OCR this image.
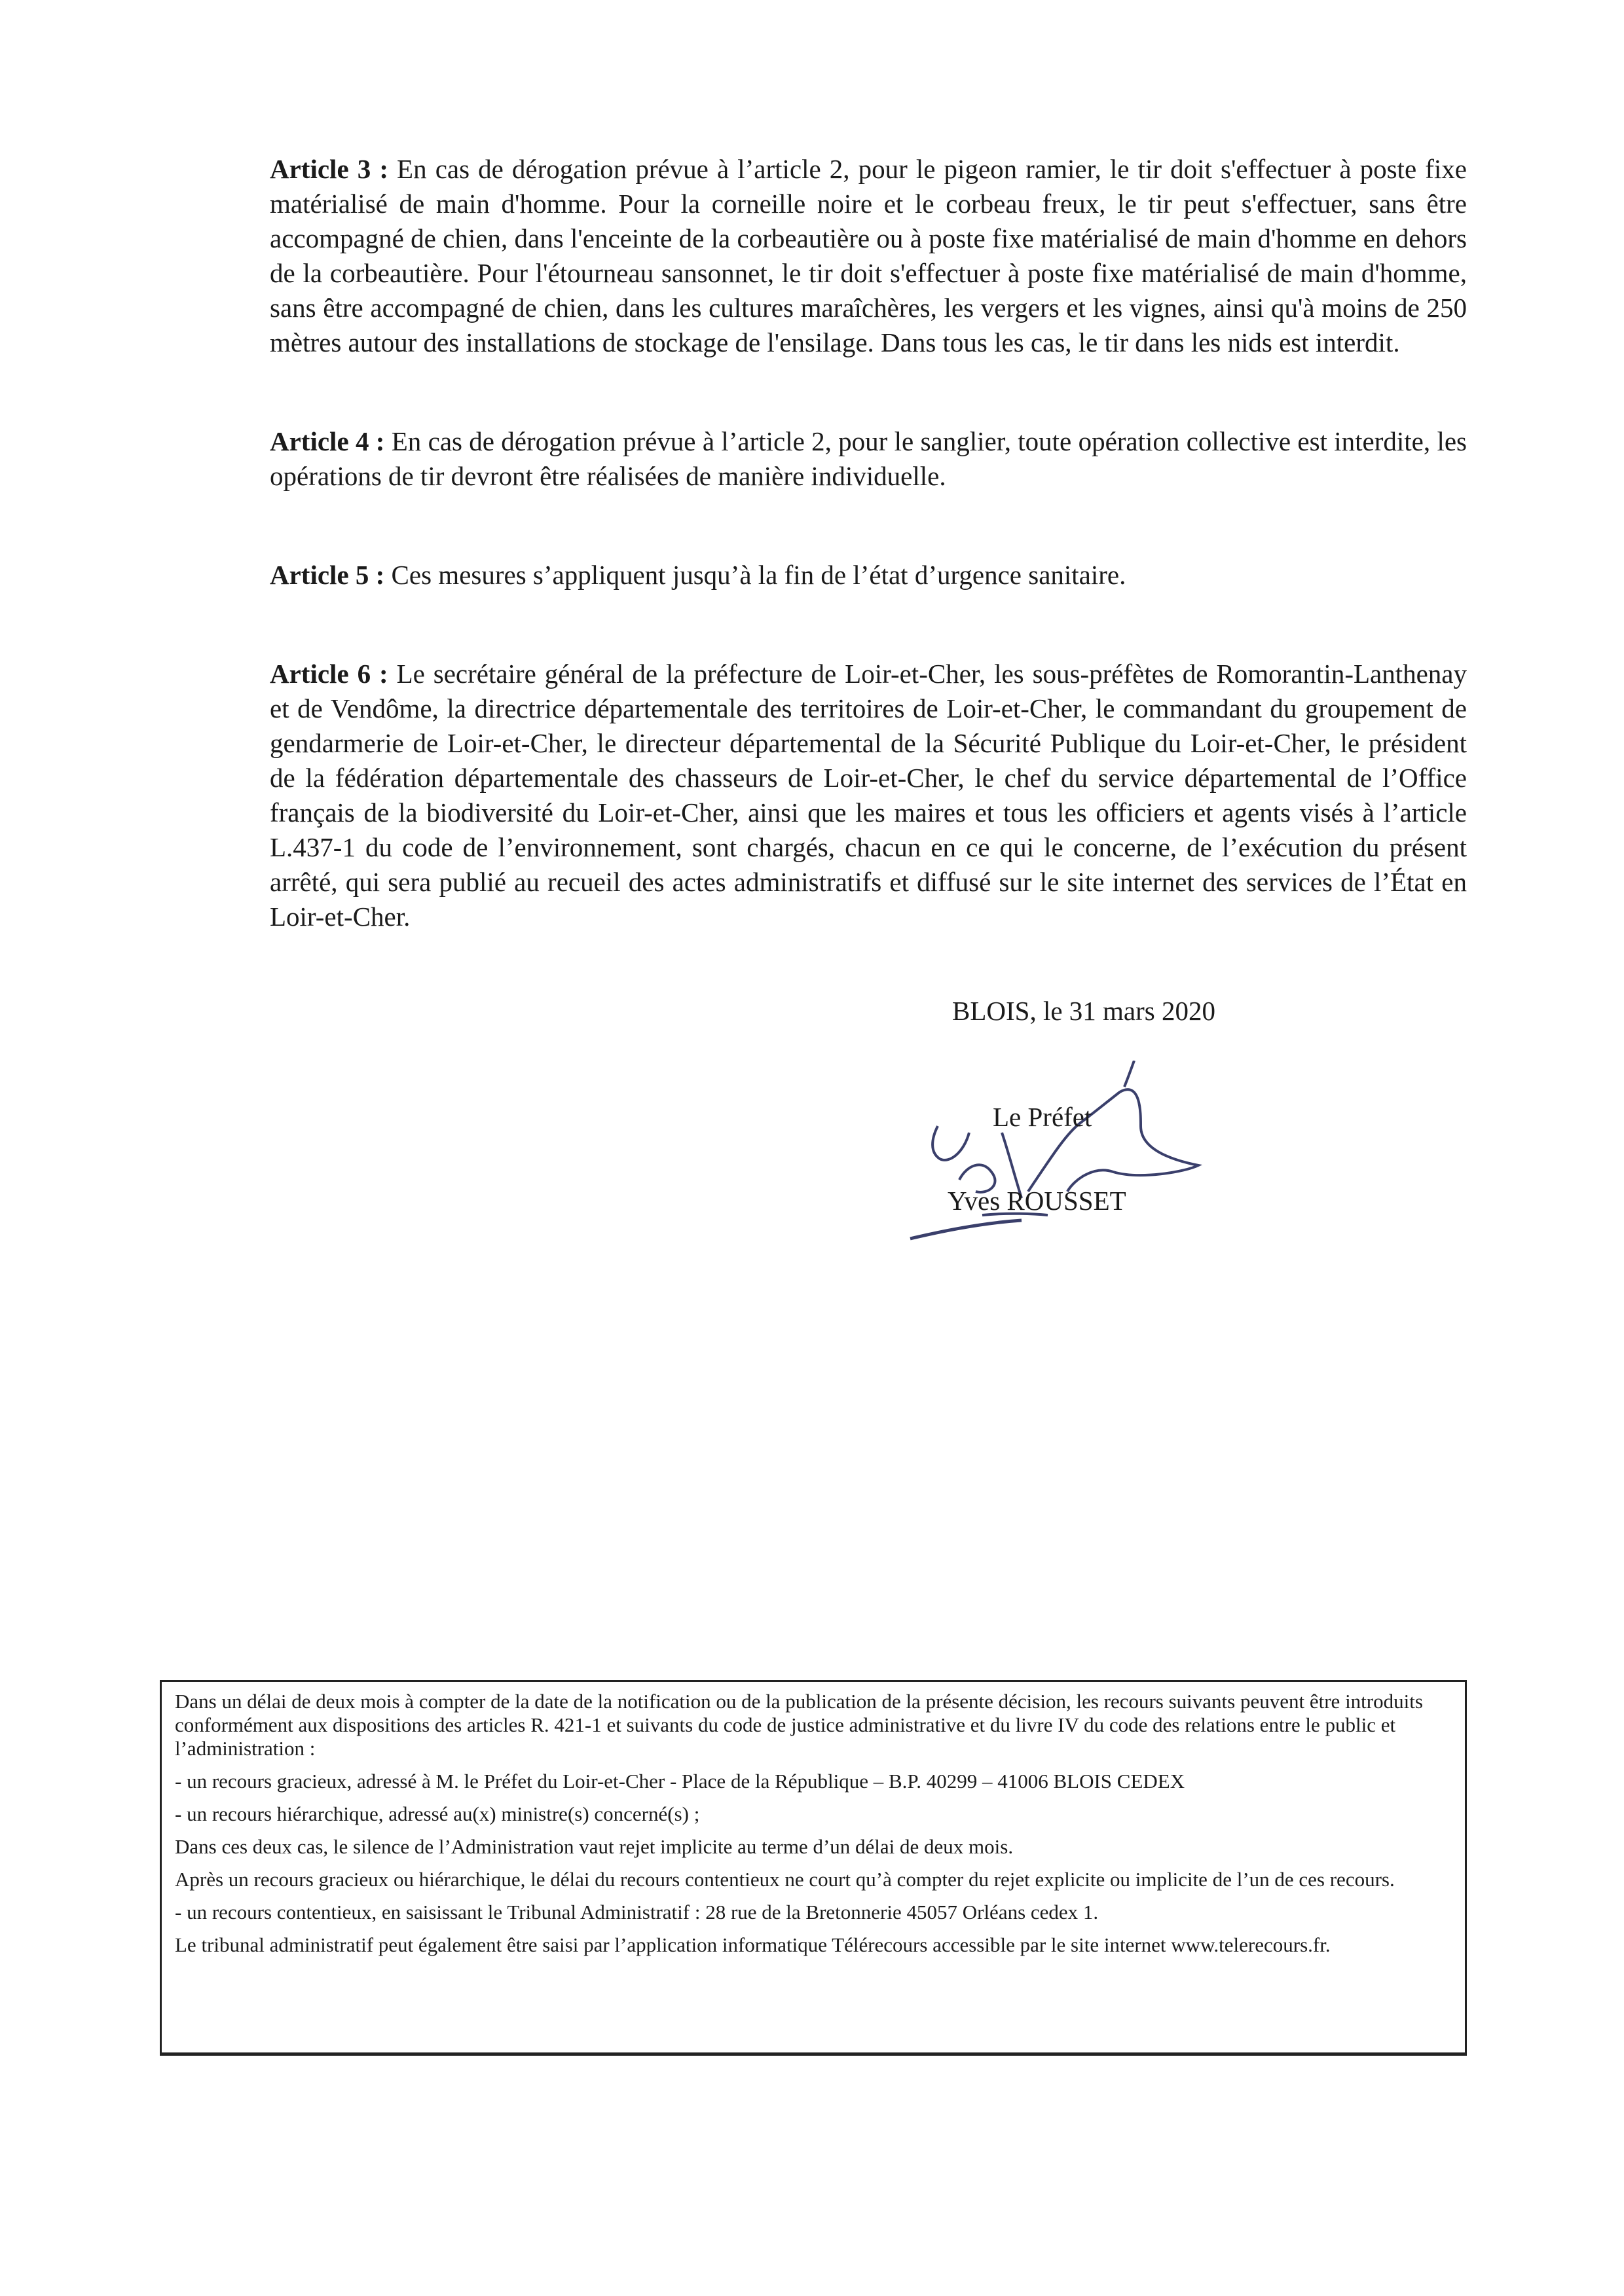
Article 3 : En cas de dérogation prévue à l’article 2, pour le pigeon ramier, le tir doit s'effectuer à poste fixe matérialisé de main d'homme. Pour la corneille noire et le corbeau freux, le tir peut s'effectuer, sans être accompagné de chien, dans l'enceinte de la corbeautière ou à poste fixe matérialisé de main d'homme en dehors de la corbeautière. Pour l'étourneau sansonnet, le tir doit s'effectuer à poste fixe matérialisé de main d'homme, sans être accompagné de chien, dans les cultures maraîchères, les vergers et les vignes, ainsi qu'à moins de 250 mètres autour des installations de stockage de l'ensilage. Dans tous les cas, le tir dans les nids est interdit.

Article 4 : En cas de dérogation prévue à l’article 2, pour le sanglier, toute opération collective est interdite, les opérations de tir devront être réalisées de manière individuelle.

Article 5 : Ces mesures s’appliquent jusqu’à la fin de l’état d’urgence sanitaire.

Article 6 : Le secrétaire général de la préfecture de Loir-et-Cher, les sous-préfètes de Romorantin-Lanthenay et de Vendôme, la directrice départementale des territoires de Loir-et-Cher, le commandant du groupement de gendarmerie de Loir-et-Cher, le directeur départemental de la Sécurité Publique du Loir-et-Cher, le président de la fédération départementale des chasseurs de Loir-et-Cher, le chef du service départemental de l’Office français de la biodiversité du Loir-et-Cher, ainsi que les maires et tous les officiers et agents visés à l’article L.437-1 du code de l’environnement, sont chargés, chacun en ce qui le concerne, de l’exécution du présent arrêté, qui sera publié au recueil des actes administratifs et diffusé sur le site internet des services de l’État en Loir-et-Cher.

BLOIS, le 31 mars 2020
Le Préfet
Yves ROUSSET

Dans un délai de deux mois à compter de la date de la notification ou de la publication de la présente décision, les recours suivants peuvent être introduits conformément aux dispositions des articles R. 421-1 et suivants du code de justice administrative et du livre IV du code des relations entre le public et l’administration :

- un recours gracieux, adressé à M. le Préfet du Loir-et-Cher - Place de la République – B.P. 40299 – 41006 BLOIS CEDEX

- un recours hiérarchique, adressé au(x) ministre(s) concerné(s) ;

Dans ces deux cas, le silence de l’Administration vaut rejet implicite au terme d’un délai de deux mois.

Après un recours gracieux ou hiérarchique, le délai du recours contentieux ne court qu’à compter du rejet explicite ou implicite de l’un de ces recours.

- un recours contentieux, en saisissant le Tribunal Administratif : 28 rue de la Bretonnerie 45057 Orléans cedex 1.

Le tribunal administratif peut également être saisi par l’application informatique Télérecours accessible par le site internet www.telerecours.fr.
